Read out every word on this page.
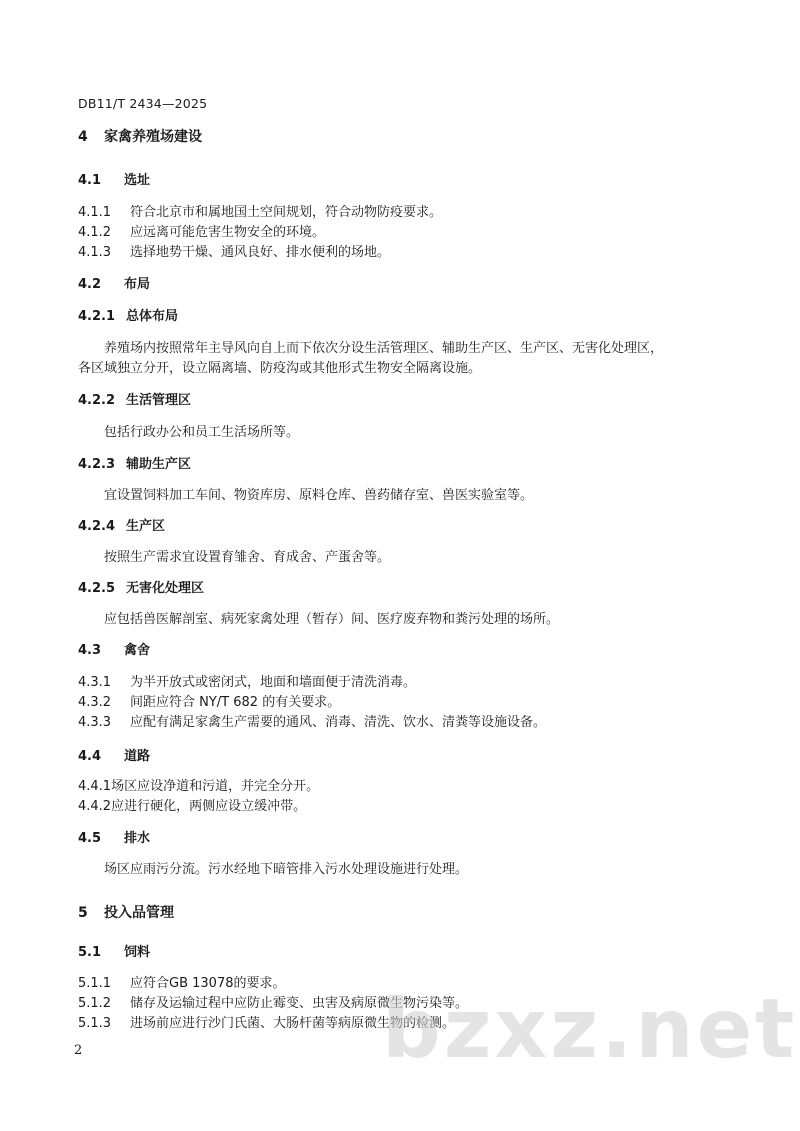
DB11/T 2434—2025
4 家禽养殖场建设
4.1 选址
4.1.1 符合北京市和属地国土空间规划，符合动物防疫要求。
4.1.2 应远离可能危害生物安全的环境。
4.1.3 选择地势干燥、通风良好、排水便利的场地。
4.2 布局
4.2.1 总体布局
养殖场内按照常年主导风向自上而下依次分设生活管理区、辅助生产区、生产区、无害化处理区，
各区域独立分开，设立隔离墙、防疫沟或其他形式生物安全隔离设施。
4.2.2 生活管理区
包括行政办公和员工生活场所等。
4.2.3 辅助生产区
宜设置饲料加工车间、物资库房、原料仓库、兽药储存室、兽医实验室等。
4.2.4 生产区
按照生产需求宜设置育雏舍、育成舍、产蛋舍等。
4.2.5 无害化处理区
应包括兽医解剖室、病死家禽处理（暂存）间、医疗废弃物和粪污处理的场所。
4.3 禽舍
4.3.1 为半开放式或密闭式，地面和墙面便于清洗消毒。
4.3.2 间距应符合 NY/T 682 的有关要求。
4.3.3 应配有满足家禽生产需要的通风、消毒、清洗、饮水、清粪等设施设备。
4.4 道路
4.4.1场区应设净道和污道，并完全分开。
4.4.2应进行硬化，两侧应设立缓冲带。
4.5 排水
场区应雨污分流。污水经地下暗管排入污水处理设施进行处理。
5 投入品管理
5.1 饲料
5.1.1 应符合GB 13078的要求。
5.1.2 储存及运输过程中应防止霉变、虫害及病原微生物污染等。
5.1.3 进场前应进行沙门氏菌、大肠杆菌等病原微生物的检测。
2	bzxz.net
